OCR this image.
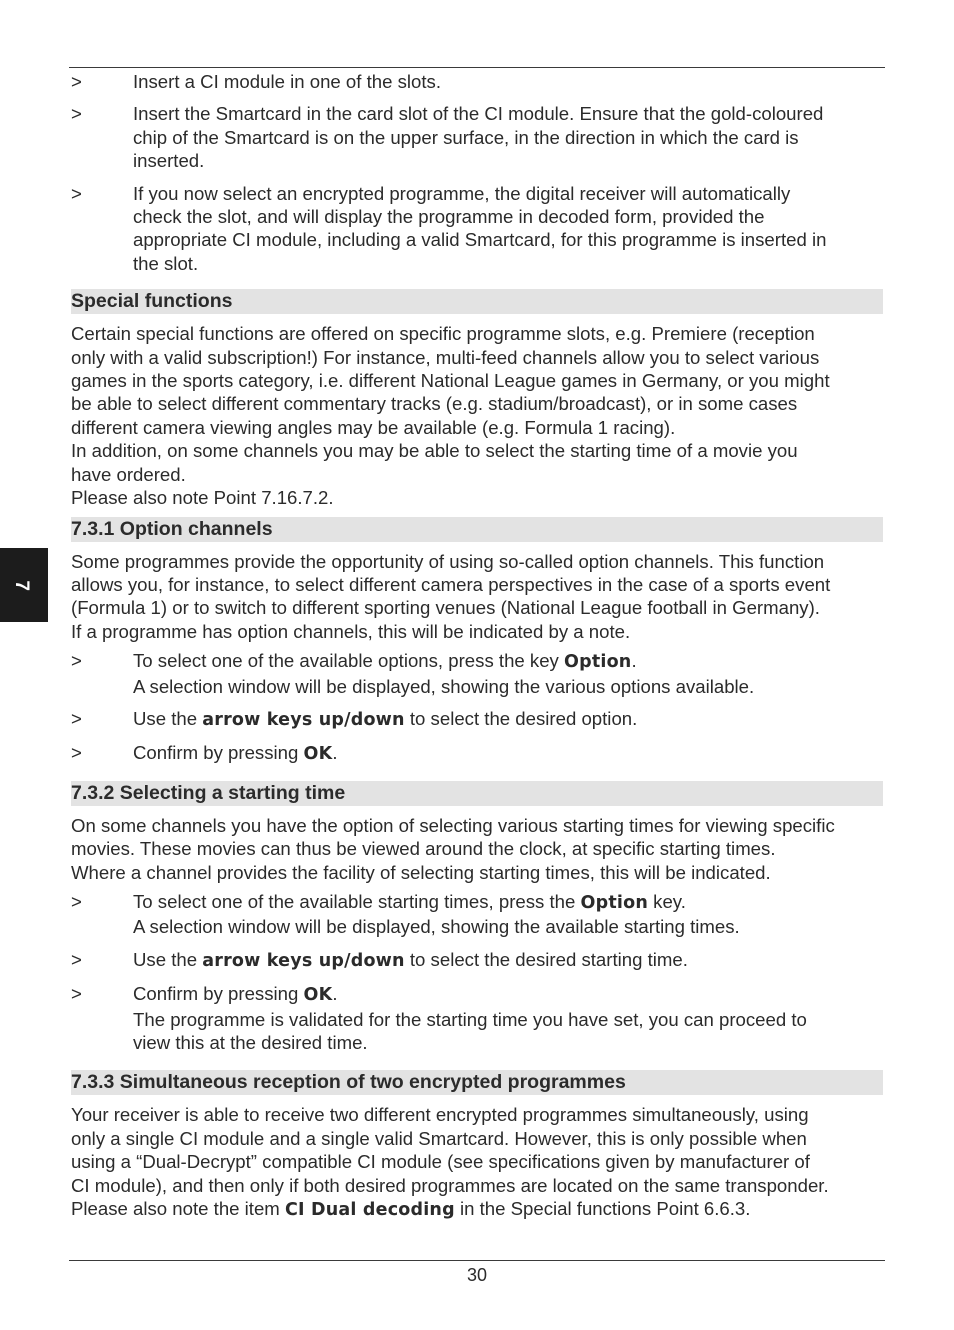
7
>	Insert a CI module in one of the slots.

>	Insert the Smartcard in the card slot of the CI module. Ensure that the gold-coloured

chip of the Smartcard is on the upper surface, in the direction in which the card is

inserted.

>	If you now select an encrypted programme, the digital receiver will automatically

check the slot, and will display the programme in decoded form, provided the

appropriate CI module, including a valid Smartcard, for this programme is inserted in

the slot.

Special functions

Certain special functions are offered on specific programme slots, e.g. Premiere (reception

only with a valid subscription!) For instance, multi-feed channels allow you to select various

games in the sports category, i.e. different National League games in Germany, or you might

be able to select different commentary tracks (e.g. stadium/broadcast), or in some cases

different camera viewing angles may be available (e.g. Formula 1 racing).

In addition, on some channels you may be able to select the starting time of a movie you

have ordered.

Please also note Point 7.16.7.2.

7.3.1 Option channels

Some programmes provide the opportunity of using so-called option channels. This function

allows you, for instance, to select different camera perspectives in the case of a sports event

(Formula 1) or to switch to different sporting venues (National League football in Germany).

If a programme has option channels, this will be indicated by a note.

>	To select one of the available options, press the key Option.

A selection window will be displayed, showing the various options available.

>	Use the arrow keys up/down to select the desired option.

>	Confirm by pressing OK.

7.3.2 Selecting a starting time

On some channels you have the option of selecting various starting times for viewing specific

movies. These movies can thus be viewed around the clock, at specific starting times.

Where a channel provides the facility of selecting starting times, this will be indicated.

>	To select one of the available starting times, press the Option key.

A selection window will be displayed, showing the available starting times.

>	Use the arrow keys up/down to select the desired starting time.

>	Confirm by pressing OK.

The programme is validated for the starting time you have set, you can proceed to

view this at the desired time.

7.3.3 Simultaneous reception of two encrypted programmes

Your receiver is able to receive two different encrypted programmes simultaneously, using

only a single CI module and a single valid Smartcard. However, this is only possible when

using a “Dual-Decrypt” compatible CI module (see specifications given by manufacturer of

CI module), and then only if both desired programmes are located on the same transponder.

Please also note the item CI Dual decoding in the Special functions Point 6.6.3.

30
